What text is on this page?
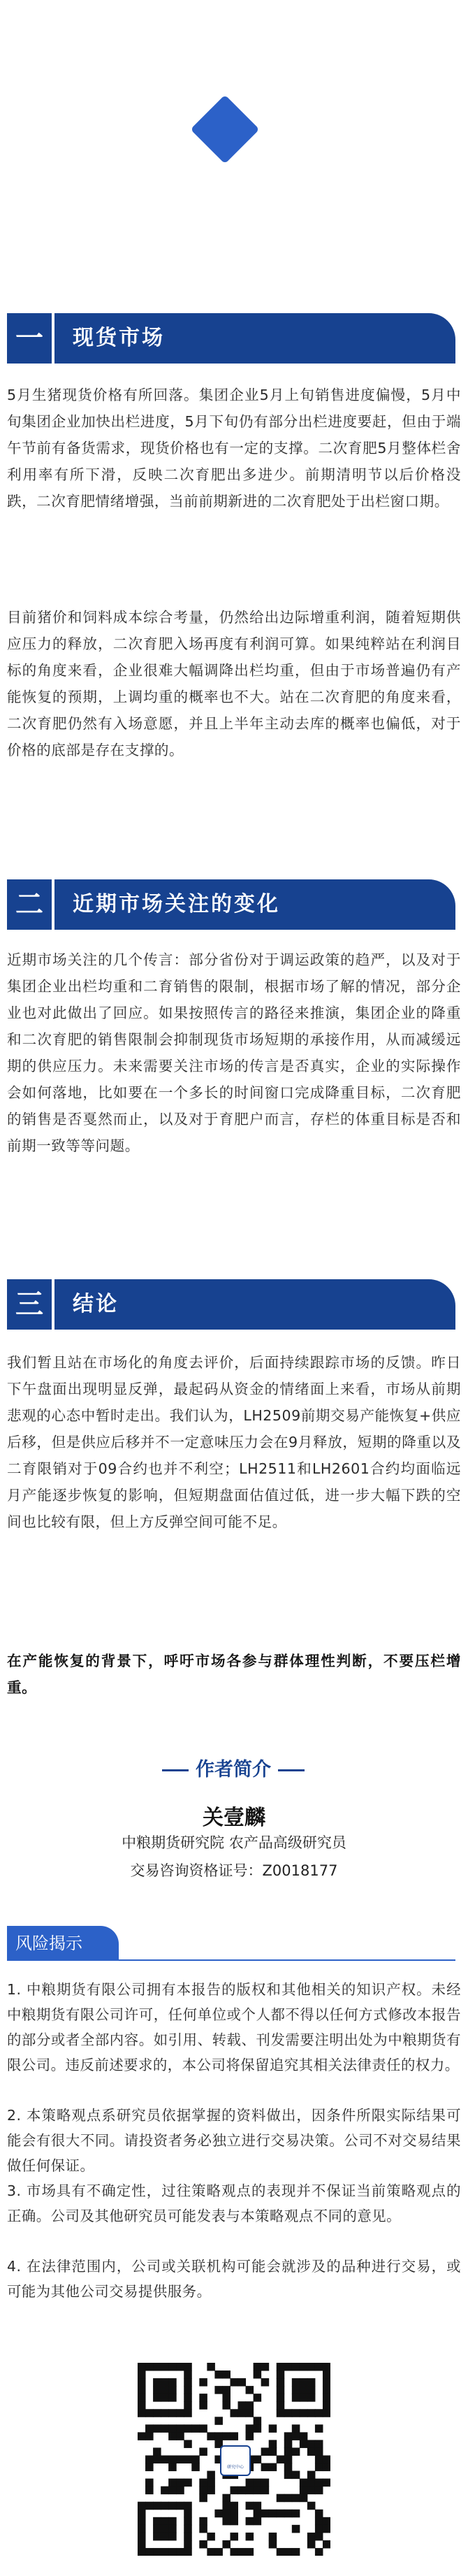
一	现货市场
5月生猪现货价格有所回落。集团企业5月上旬销售进度偏慢，5月中旬集团企业加快出栏进度，5月下旬仍有部分出栏进度要赶，但由于端午节前有备货需求，现货价格也有一定的支撑。二次育肥5月整体栏舍利用率有所下滑，反映二次育肥出多进少。前期清明节以后价格没跌，二次育肥情绪增强，当前前期新进的二次育肥处于出栏窗口期。
目前猪价和饲料成本综合考量，仍然给出边际增重利润，随着短期供应压力的释放，二次育肥入场再度有利润可算。如果纯粹站在利润目标的角度来看，企业很难大幅调降出栏均重，但由于市场普遍仍有产能恢复的预期，上调均重的概率也不大。站在二次育肥的角度来看，二次育肥仍然有入场意愿，并且上半年主动去库的概率也偏低，对于价格的底部是存在支撑的。
二	近期市场关注的变化
近期市场关注的几个传言：部分省份对于调运政策的趋严，以及对于集团企业出栏均重和二育销售的限制，根据市场了解的情况，部分企业也对此做出了回应。如果按照传言的路径来推演，集团企业的降重和二次育肥的销售限制会抑制现货市场短期的承接作用，从而减缓远期的供应压力。未来需要关注市场的传言是否真实，企业的实际操作会如何落地，比如要在一个多长的时间窗口完成降重目标，二次育肥的销售是否戛然而止，以及对于育肥户而言，存栏的体重目标是否和前期一致等等问题。
三	结论
我们暂且站在市场化的角度去评价，后面持续跟踪市场的反馈。昨日下午盘面出现明显反弹，最起码从资金的情绪面上来看，市场从前期悲观的心态中暂时走出。我们认为，LH2509前期交易产能恢复+供应后移，但是供应后移并不一定意味压力会在9月释放，短期的降重以及二育限销对于09合约也并不利空；LH2511和LH2601合约均面临远月产能逐步恢复的影响，但短期盘面估值过低，进一步大幅下跌的空间也比较有限，但上方反弹空间可能不足。
在产能恢复的背景下，呼吁市场各参与群体理性判断，不要压栏增重。
作者简介
关壹麟
中粮期货研究院 农产品高级研究员
交易咨询资格证号：Z0018177
风险揭示
1. 中粮期货有限公司拥有本报告的版权和其他相关的知识产权。未经中粮期货有限公司许可，任何单位或个人都不得以任何方式修改本报告的部分或者全部内容。如引用、转载、刊发需要注明出处为中粮期货有限公司。违反前述要求的，本公司将保留追究其相关法律责任的权力。
2. 本策略观点系研究员依据掌握的资料做出，因条件所限实际结果可能会有很大不同。请投资者务必独立进行交易决策。公司不对交易结果做任何保证。
3. 市场具有不确定性，过往策略观点的表现并不保证当前策略观点的正确。公司及其他研究员可能发表与本策略观点不同的意见。
4. 在法律范围内，公司或关联机构可能会就涉及的品种进行交易，或可能为其他公司交易提供服务。
研究中心
